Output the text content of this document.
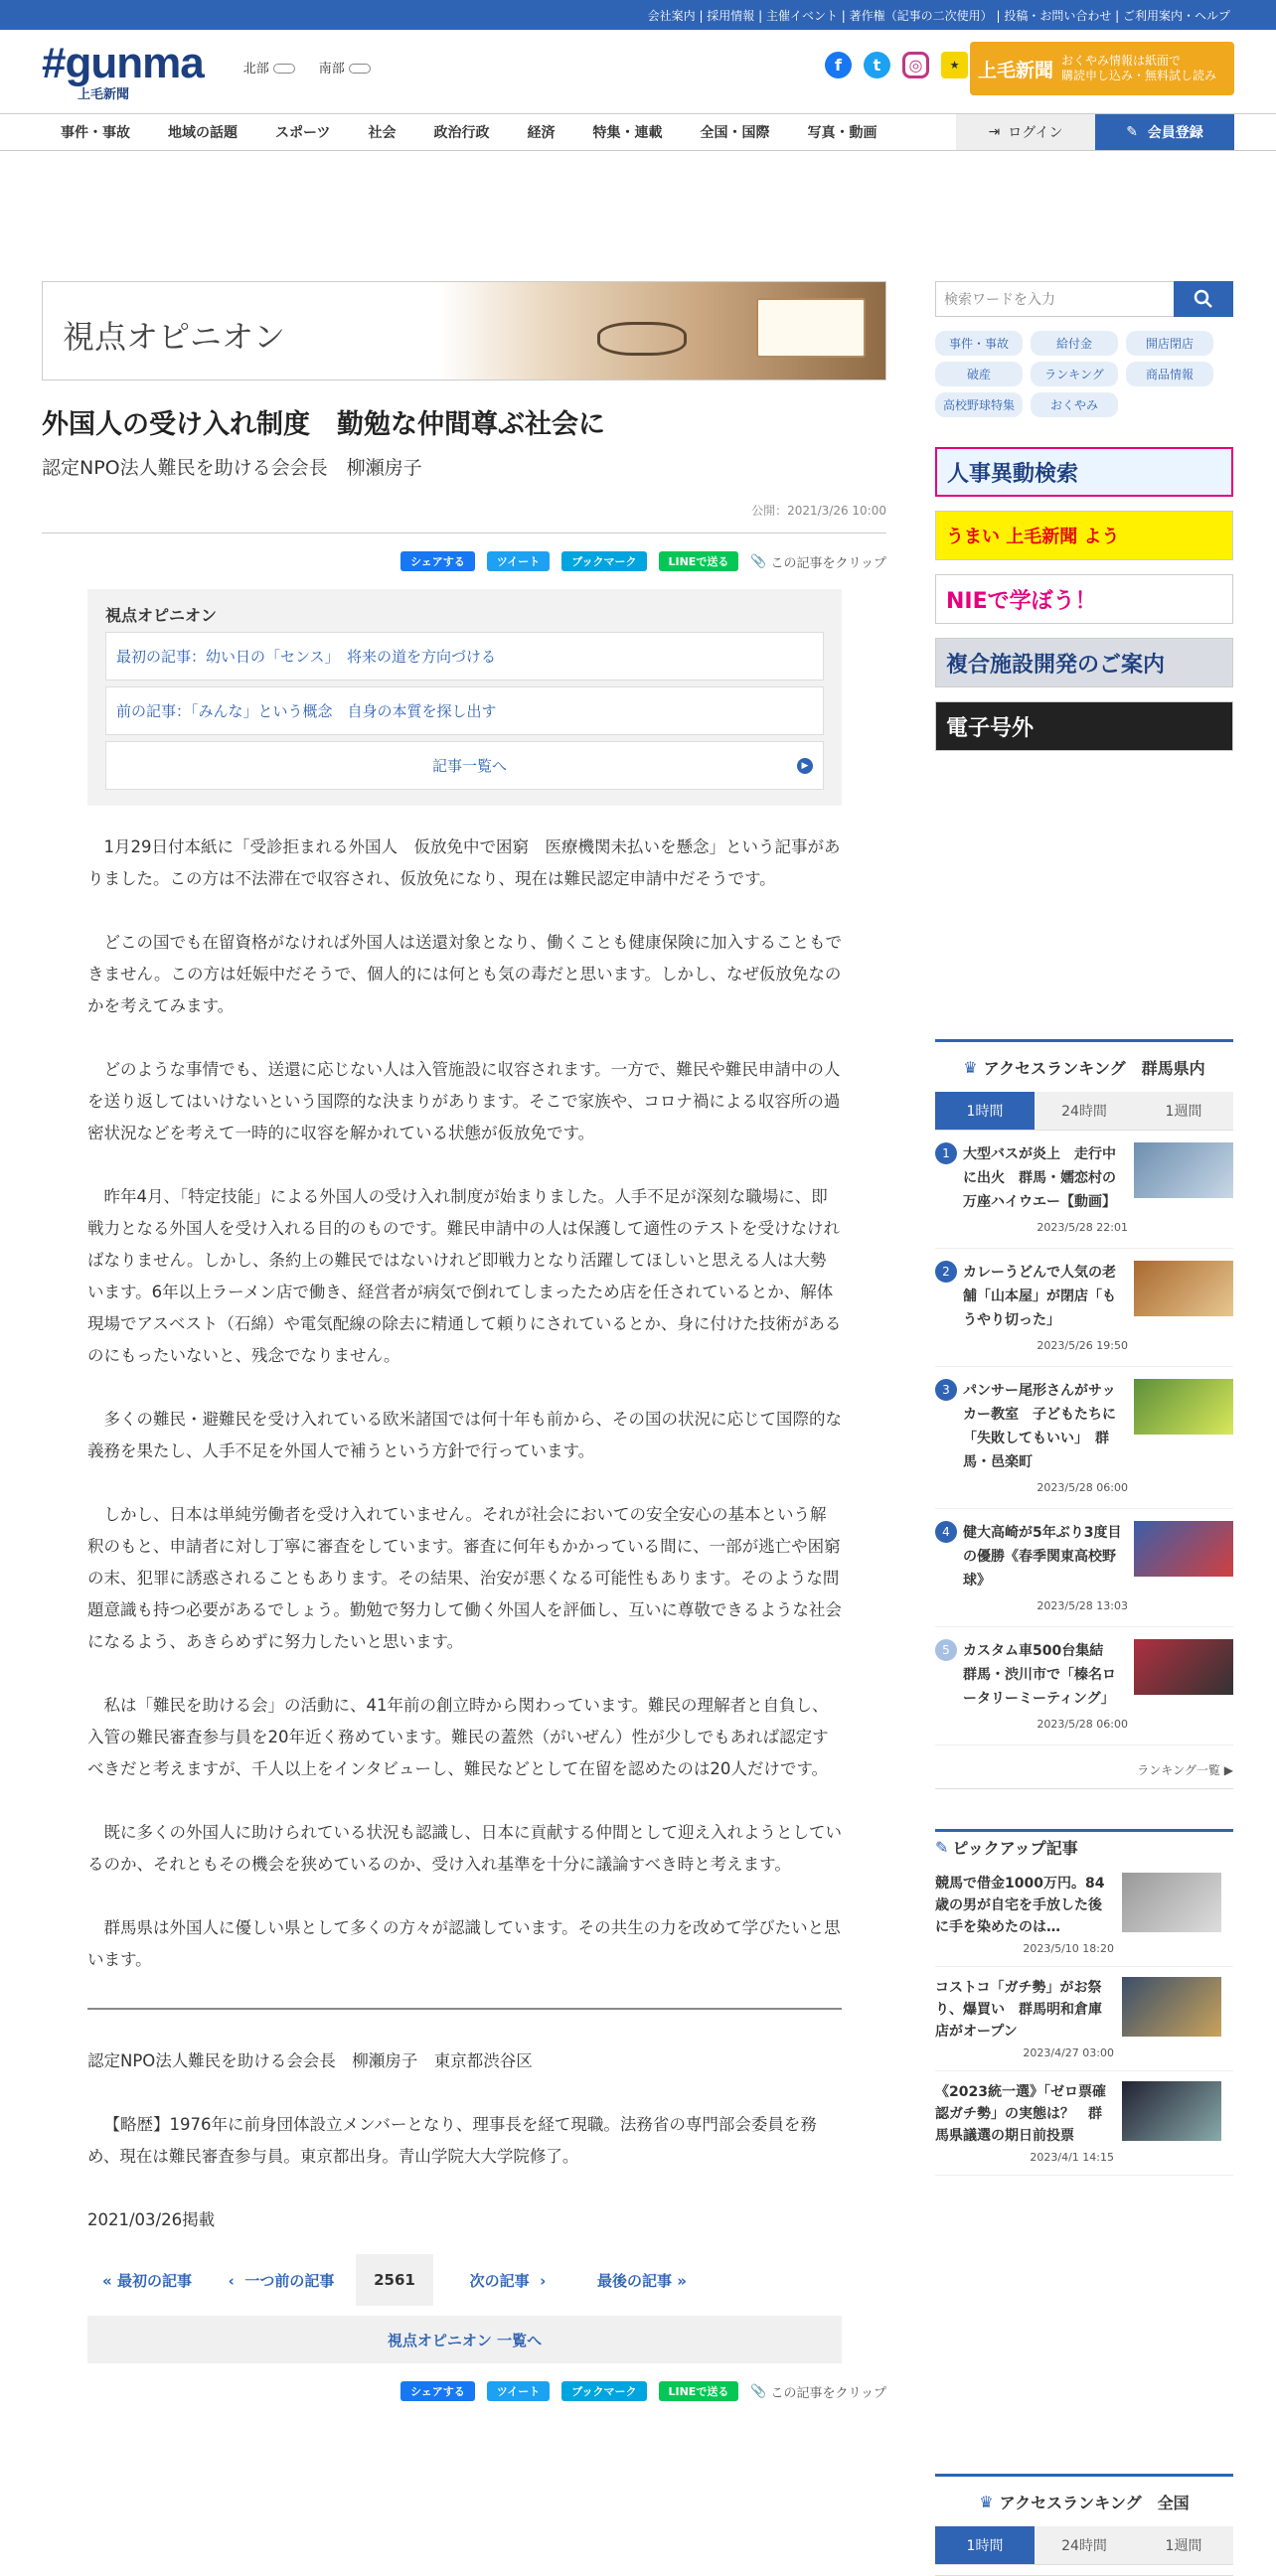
会社案内 | 採用情報 | 主催イベント | 著作権（記事の二次使用） | 投稿・お問い合わせ | ご利用案内・ヘルプ
#gunma
上毛新聞
北部	南部	f	t	◎	★ 上毛新聞 おくやみ情報は紙面で
購読申し込み・無料試し読み
事件・事故	地域の話題	スポーツ	社会	政治行政	経済	特集・連載	全国・国際	写真・動画	⇥ ログイン	✎ 会員登録
視点オピニオン
外国人の受け入れ制度　勤勉な仲間尊ぶ社会に
認定NPO法人難民を助ける会会長　柳瀬房子
公開：2021/3/26 10:00
シェアする	ツイート	ブックマーク	LINEで送る	📎 この記事をクリップ
視点オピニオン
最初の記事：幼い日の「センス」　将来の道を方向づける
前の記事：「みんな」という概念　自身の本質を探し出す
記事一覧へ	▶

1月29日付本紙に「受診拒まれる外国人　仮放免中で困窮　医療機関未払いを懸念」という記事がありました。この方は不法滞在で収容され、仮放免になり、現在は難民認定申請中だそうです。

どこの国でも在留資格がなければ外国人は送還対象となり、働くことも健康保険に加入することもできません。この方は妊娠中だそうで、個人的には何とも気の毒だと思います。しかし、なぜ仮放免なのかを考えてみます。

どのような事情でも、送還に応じない人は入管施設に収容されます。一方で、難民や難民申請中の人を送り返してはいけないという国際的な決まりがあります。そこで家族や、コロナ禍による収容所の過密状況などを考えて一時的に収容を解かれている状態が仮放免です。

昨年4月、「特定技能」による外国人の受け入れ制度が始まりました。人手不足が深刻な職場に、即戦力となる外国人を受け入れる目的のものです。難民申請中の人は保護して適性のテストを受けなければなりません。しかし、条約上の難民ではないけれど即戦力となり活躍してほしいと思える人は大勢います。6年以上ラーメン店で働き、経営者が病気で倒れてしまったため店を任されているとか、解体現場でアスベスト（石綿）や電気配線の除去に精通して頼りにされているとか、身に付けた技術があるのにもったいないと、残念でなりません。

多くの難民・避難民を受け入れている欧米諸国では何十年も前から、その国の状況に応じて国際的な義務を果たし、人手不足を外国人で補うという方針で行っています。

しかし、日本は単純労働者を受け入れていません。それが社会においての安全安心の基本という解釈のもと、申請者に対し丁寧に審査をしています。審査に何年もかかっている間に、一部が逃亡や困窮の末、犯罪に誘惑されることもあります。その結果、治安が悪くなる可能性もあります。そのような問題意識も持つ必要があるでしょう。勤勉で努力して働く外国人を評価し、互いに尊敬できるような社会になるよう、あきらめずに努力したいと思います。

私は「難民を助ける会」の活動に、41年前の創立時から関わっています。難民の理解者と自負し、入管の難民審査参与員を20年近く務めています。難民の蓋然（がいぜん）性が少しでもあれば認定すべきだと考えますが、千人以上をインタビューし、難民などとして在留を認めたのは20人だけです。

既に多くの外国人に助けられている状況も認識し、日本に貢献する仲間として迎え入れようとしているのか、それともその機会を狭めているのか、受け入れ基準を十分に議論すべき時と考えます。

群馬県は外国人に優しい県として多くの方々が認識しています。その共生の力を改めて学びたいと思います。

認定NPO法人難民を助ける会会長　柳瀬房子　東京都渋谷区
【略歴】1976年に前身団体設立メンバーとなり、理事長を経て現職。法務省の専門部会委員を務め、現在は難民審査参与員。東京都出身。青山学院大大学院修了。
2021/03/26掲載
« 最初の記事	‹  一つ前の記事	2561	次の記事  ›	最後の記事 »
視点オピニオン 一覧へ
シェアする	ツイート	ブックマーク	LINEで送る	📎 この記事をクリップ
検索ワードを入力
事件・事故	給付金	開店閉店
破産	ランキング	商品情報
高校野球特集	おくやみ
人事異動検索
うまい 上毛新聞 よう
NIEで学ぼう！
複合施設開発のご案内
電子号外
♛ アクセスランキング　群馬県内
1時間	24時間	1週間
1 大型バスが炎上　走行中に出火　群馬・嬬恋村の万座ハイウエー【動画】
2023/5/28 22:01
2 カレーうどんで人気の老舗「山本屋」が閉店「もうやり切った」
2023/5/26 19:50
3 パンサー尾形さんがサッカー教室　子どもたちに「失敗してもいい」　群馬・邑楽町
2023/5/28 06:00
4 健大高崎が5年ぶり3度目の優勝《春季関東高校野球》
2023/5/28 13:03
5 カスタム車500台集結　群馬・渋川市で「榛名ロータリーミーティング」
2023/5/28 06:00
ランキング一覧 ▶
✎ ピックアップ記事
競馬で借金1000万円。84歳の男が自宅を手放した後に手を染めたのは…
2023/5/10 18:20
コストコ「ガチ勢」がお祭り、爆買い　群馬明和倉庫店がオープン
2023/4/27 03:00
《2023統一選》「ゼロ票確認ガチ勢」の実態は？　群馬県議選の期日前投票
2023/4/1 14:15
♛ アクセスランキング　全国
1時間	24時間	1週間
